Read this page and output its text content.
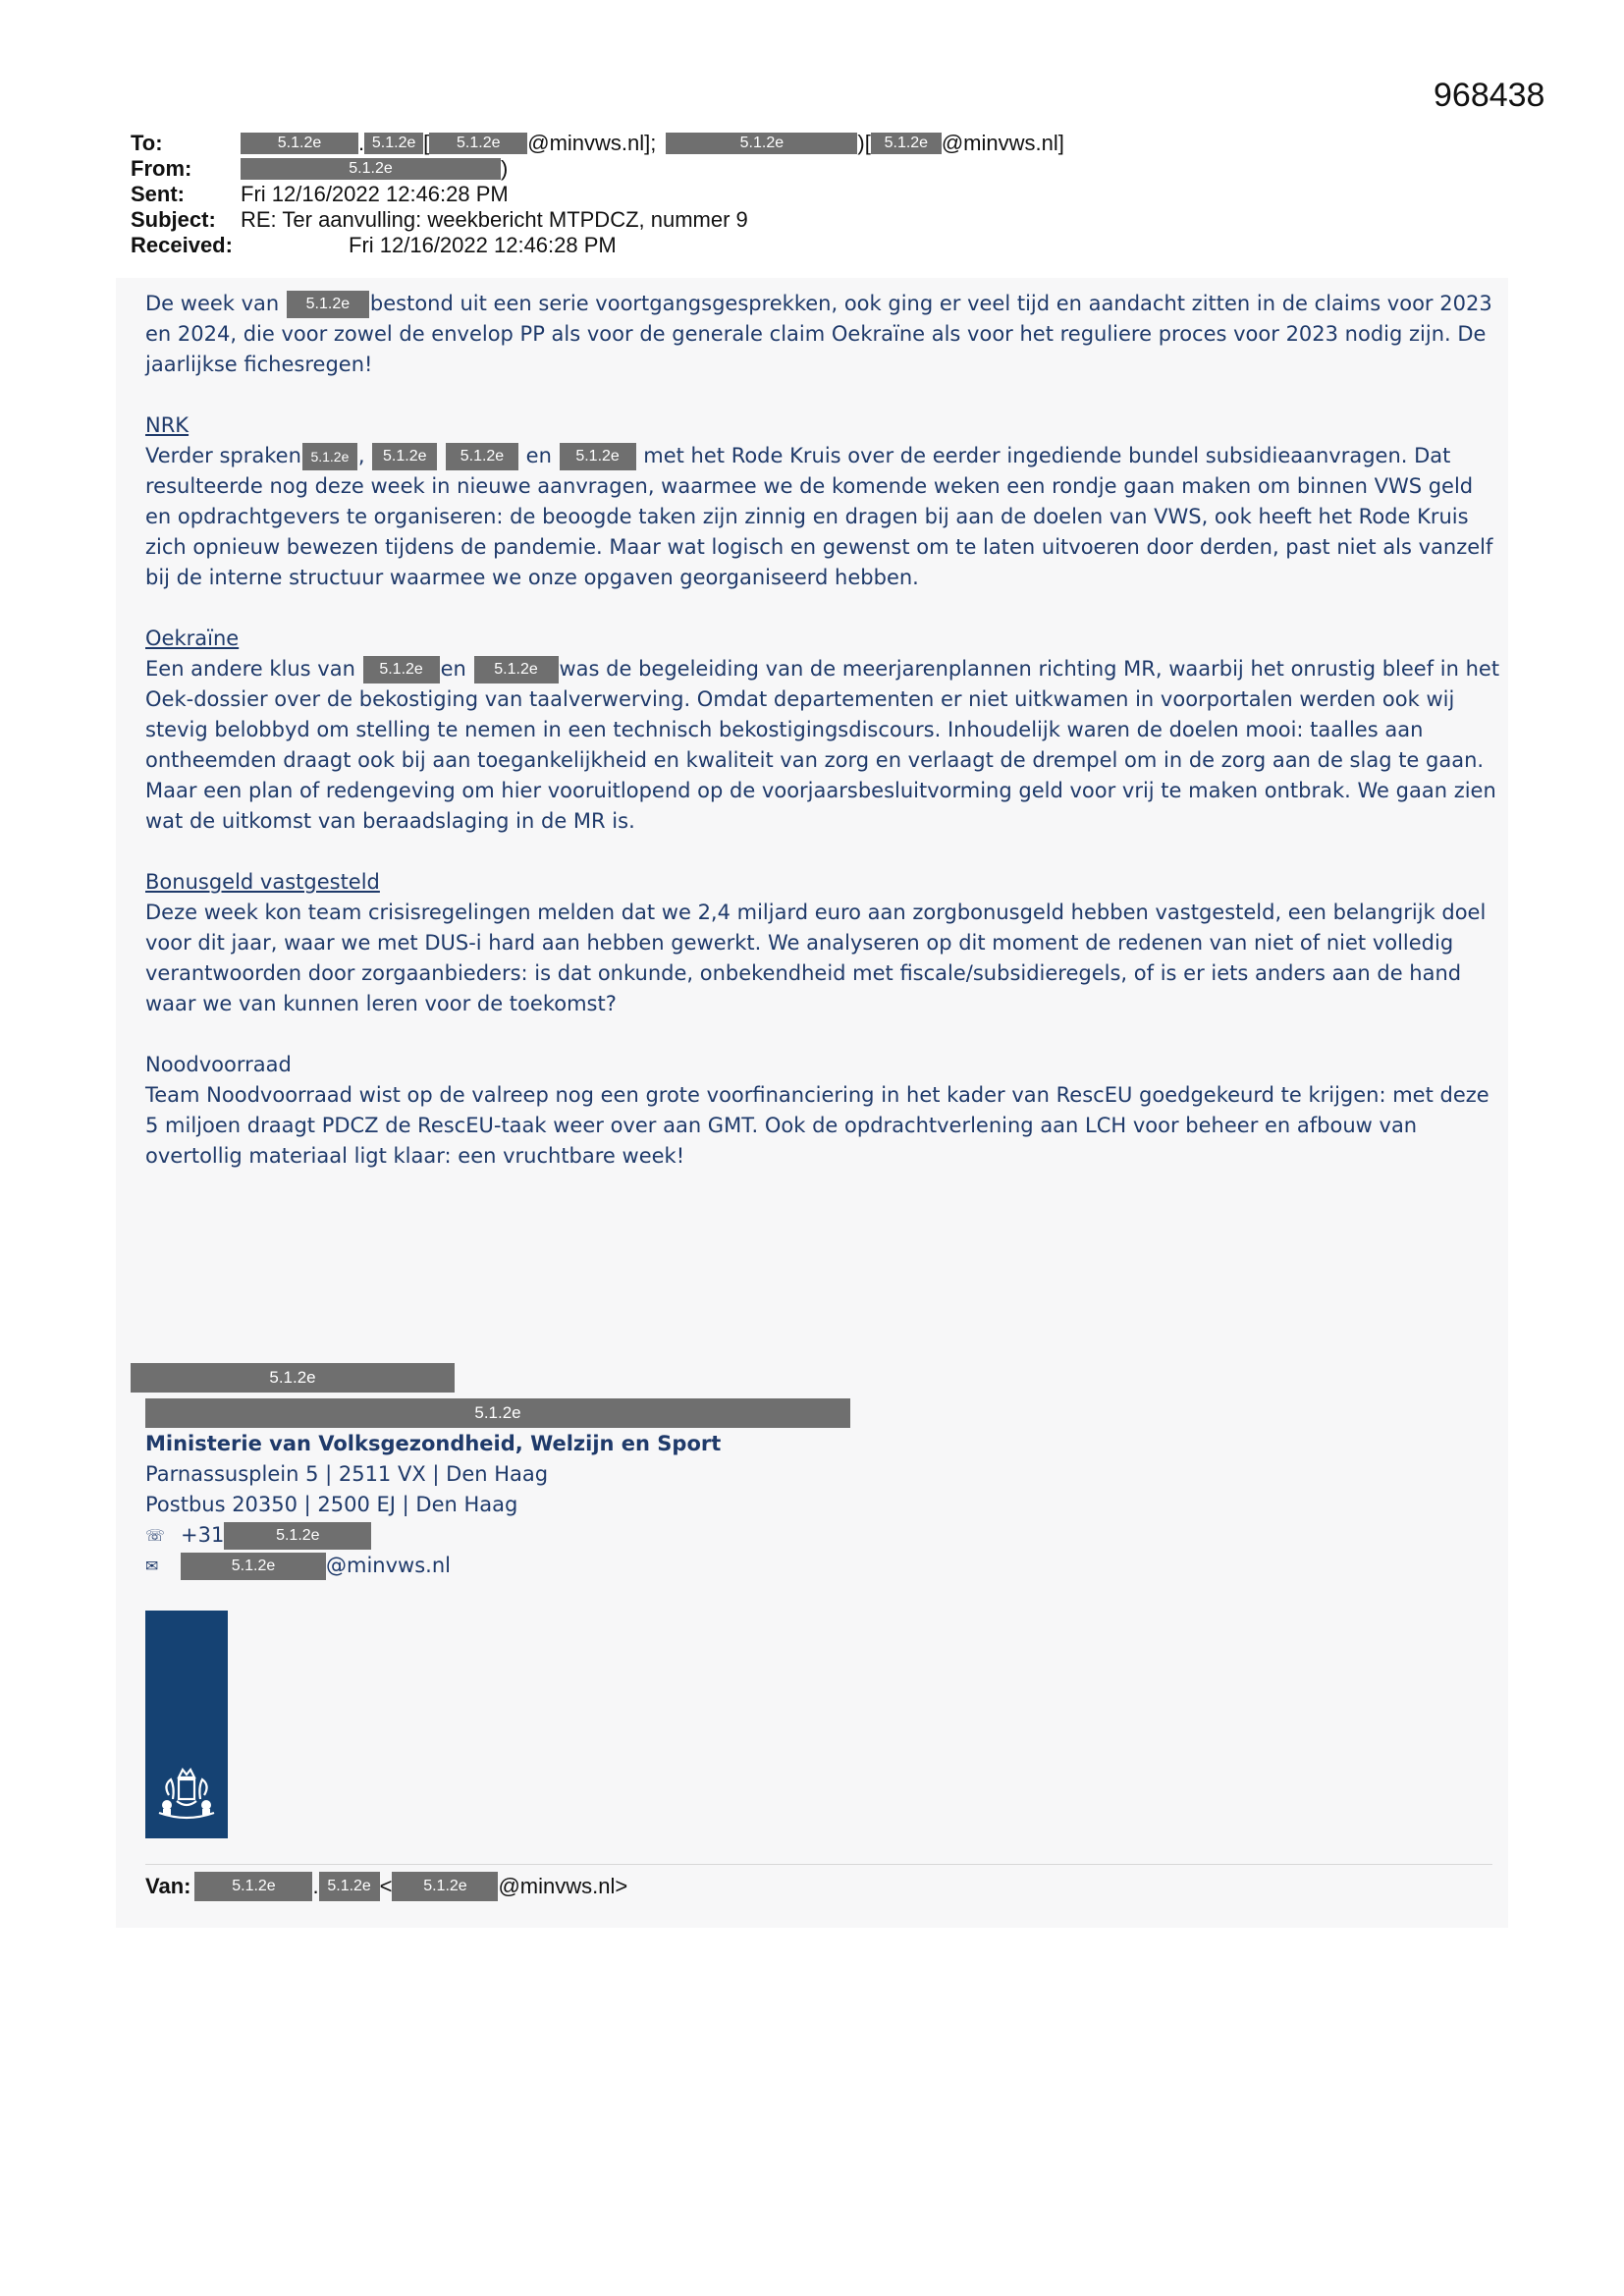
968438
To:	5.1.2e	. 5.1.2e [	5.1.2e	@minvws.nl];	5.1.2e	)[ 5.1.2e @minvws.nl]
From:	5.1.2e	)
Sent:	Fri 12/16/2022 12:46:28 PM
Subject: RE: Ter aanvulling: weekbericht MTPDCZ, nummer 9
Received:	Fri 12/16/2022 12:46:28 PM

De week van 5.1.2e bestond uit een serie voortgangsgesprekken, ook ging er veel tijd en aandacht zitten in de claims voor 2023 en 2024, die voor zowel de envelop PP als voor de generale claim Oekraïne als voor het reguliere proces voor 2023 nodig zijn. De jaarlijkse fichesregen!

NRK
Verder spraken 5.1.2e , 5.1.2e 5.1.2e en 5.1.2e met het Rode Kruis over de eerder ingediende bundel subsidieaanvragen. Dat resulteerde nog deze week in nieuwe aanvragen, waarmee we de komende weken een rondje gaan maken om binnen VWS geld en opdrachtgevers te organiseren: de beoogde taken zijn zinnig en dragen bij aan de doelen van VWS, ook heeft het Rode Kruis zich opnieuw bewezen tijdens de pandemie. Maar wat logisch en gewenst om te laten uitvoeren door derden, past niet als vanzelf bij de interne structuur waarmee we onze opgaven georganiseerd hebben.

Oekraïne
Een andere klus van 5.1.2e en 5.1.2e was de begeleiding van de meerjarenplannen richting MR, waarbij het onrustig bleef in het Oek-dossier over de bekostiging van taalverwerving. Omdat departementen er niet uitkwamen in voorportalen werden ook wij stevig belobbyd om stelling te nemen in een technisch bekostigingsdiscours. Inhoudelijk waren de doelen mooi: taalles aan ontheemden draagt ook bij aan toegankelijkheid en kwaliteit van zorg en verlaagt de drempel om in de zorg aan de slag te gaan. Maar een plan of redengeving om hier vooruitlopend op de voorjaarsbesluitvorming geld voor vrij te maken ontbrak. We gaan zien wat de uitkomst van beraadslaging in de MR is.

Bonusgeld vastgesteld
Deze week kon team crisisregelingen melden dat we 2,4 miljard euro aan zorgbonusgeld hebben vastgesteld, een belangrijk doel voor dit jaar, waar we met DUS-i hard aan hebben gewerkt. We analyseren op dit moment de redenen van niet of niet volledig verantwoorden door zorgaanbieders: is dat onkunde, onbekendheid met fiscale/subsidieregels, of is er iets anders aan de hand waar we van kunnen leren voor de toekomst?

Noodvoorraad
Team Noodvoorraad wist op de valreep nog een grote voorfinanciering in het kader van RescEU goedgekeurd te krijgen: met deze 5 miljoen draagt PDCZ de RescEU-taak weer over aan GMT. Ook de opdrachtverlening aan LCH voor beheer en afbouw van overtollig materiaal ligt klaar: een vruchtbare week!

5.1.2e
5.1.2e
Ministerie van Volksgezondheid, Welzijn en Sport
Parnassusplein 5 | 2511 VX | Den Haag
Postbus 20350 | 2500 EJ | Den Haag
☏ +31	5.1.2e
✉	5.1.2e	@minvws.nl
Van:	5.1.2e	. 5.1.2e <	5.1.2e	@minvws.nl>
